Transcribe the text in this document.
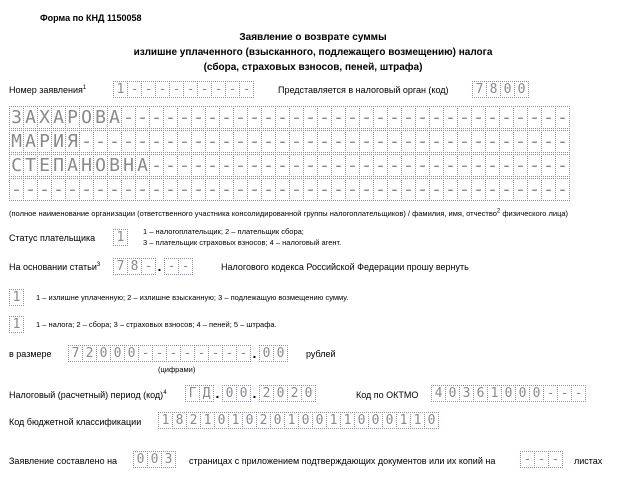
Форма по КНД 1150058
Заявление о возврате суммы
излишне уплаченного (взысканного, подлежащего возмещению) налога
(сбора, страховых взносов, пеней, штрафа)
Номер заявления$^1$ 1 - - - - - - - - -	Представляется в налоговый орган (код) 7 8 0 0
З А Х А Р О В А - - - - - - - - - - - - - - - - - - - - - - - - - - - - - - - -
М А Р И Я - - - - - - - - - - - - - - - - - - - - - - - - - - - - - - - - - - -
С Т Е П А Н О В Н А - - - - - - - - - - - - - - - - - - - - - - - - - - - - - -
- - - - - - - - - - - - - - - - - - - - - - - - - - - - - - - - - - - - - - - -
(полное наименование организации (ответственного участника консолидированной группы налогоплательщиков) / фамилия, имя, отчество$^2$ физического лица)
Статус плательщика 1	1 – налогоплательщик; 2 – плательщик сбора;
3 – плательщик страховых взносов; 4 – налоговый агент.
На основании статьи$^3$ 7 8 - . - -	Налогового кодекса Российской Федерации прошу вернуть
1	1 – излишне уплаченную; 2 – излишне взысканную; 3 – подлежащую возмещению сумму.
1	1 – налога; 2 – сбора; 3 – страховых взносов; 4 – пеней; 5 – штрафа.
в размере 7 2 0 0 0 - - - - - - - - . 0 0	рублей
(цифрами)
Налоговый (расчетный) период (код)$^4$ Г Д . 0 0 . 2 0 2 0	Код по ОКТМО 4 0 3 6 1 0 0 0 - - -
Код бюджетной классификации 1 8 2 1 0 1 0 2 0 1 0 0 1 1 0 0 0 1 1 0
Заявление составлено на 0 0 3	страницах с приложением подтверждающих документов или их копий на - - -	листах
